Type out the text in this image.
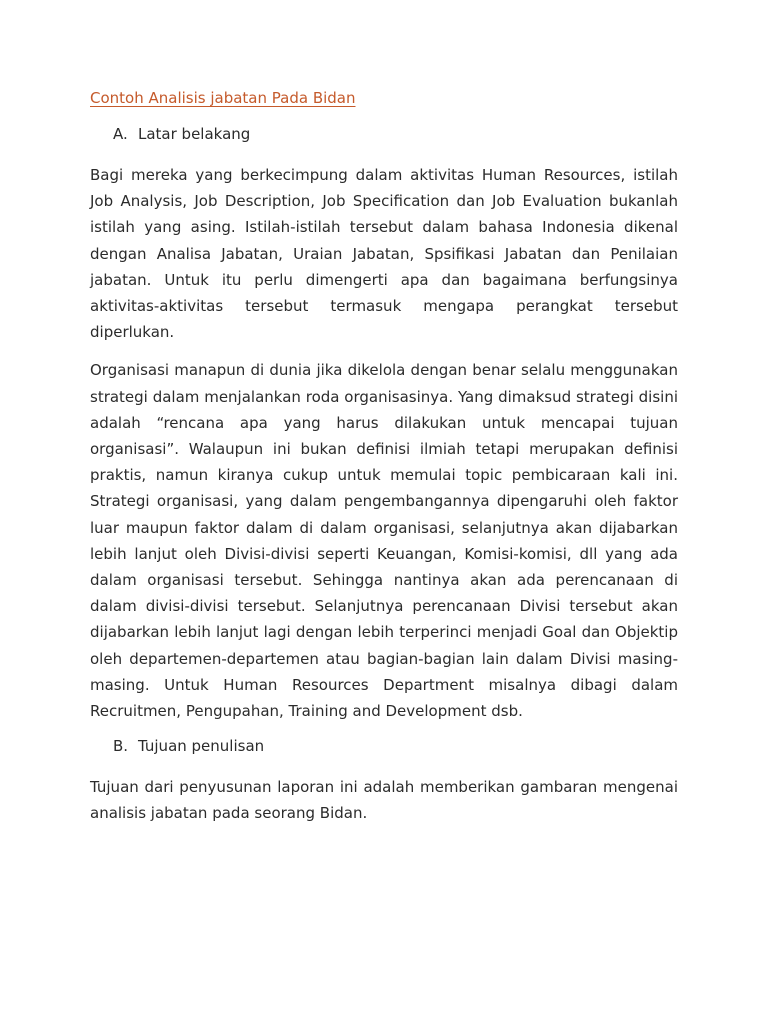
Contoh Analisis jabatan Pada Bidan
A. Latar belakang

Bagi mereka yang berkecimpung dalam aktivitas Human Resources, istilah Job Analysis, Job Description, Job Specification dan Job Evaluation bukanlah istilah yang asing. Istilah-istilah tersebut dalam bahasa Indonesia dikenal dengan Analisa Jabatan, Uraian Jabatan, Spsifikasi Jabatan dan Penilaian jabatan. Untuk itu perlu dimengerti apa dan bagaimana berfungsinya aktivitas-aktivitas tersebut termasuk mengapa perangkat tersebut diperlukan.

Organisasi manapun di dunia jika dikelola dengan benar selalu menggunakan strategi dalam menjalankan roda organisasinya. Yang dimaksud strategi disini adalah “rencana apa yang harus dilakukan untuk mencapai tujuan organisasi”. Walaupun ini bukan definisi ilmiah tetapi merupakan definisi praktis, namun kiranya cukup untuk memulai topic pembicaraan kali ini. Strategi organisasi, yang dalam pengembangannya dipengaruhi oleh faktor luar maupun faktor dalam di dalam organisasi, selanjutnya akan dijabarkan lebih lanjut oleh Divisi-divisi seperti Keuangan, Komisi-komisi, dll yang ada dalam organisasi tersebut. Sehingga nantinya akan ada perencanaan di dalam divisi-divisi tersebut. Selanjutnya perencanaan Divisi tersebut akan dijabarkan lebih lanjut lagi dengan lebih terperinci menjadi Goal dan Objektip oleh departemen-departemen atau bagian-bagian lain dalam Divisi masing-masing. Untuk Human Resources Department misalnya dibagi dalam Recruitmen, Pengupahan, Training and Development dsb.

B. Tujuan penulisan

Tujuan dari penyusunan laporan ini adalah memberikan gambaran mengenai analisis jabatan pada seorang Bidan.
